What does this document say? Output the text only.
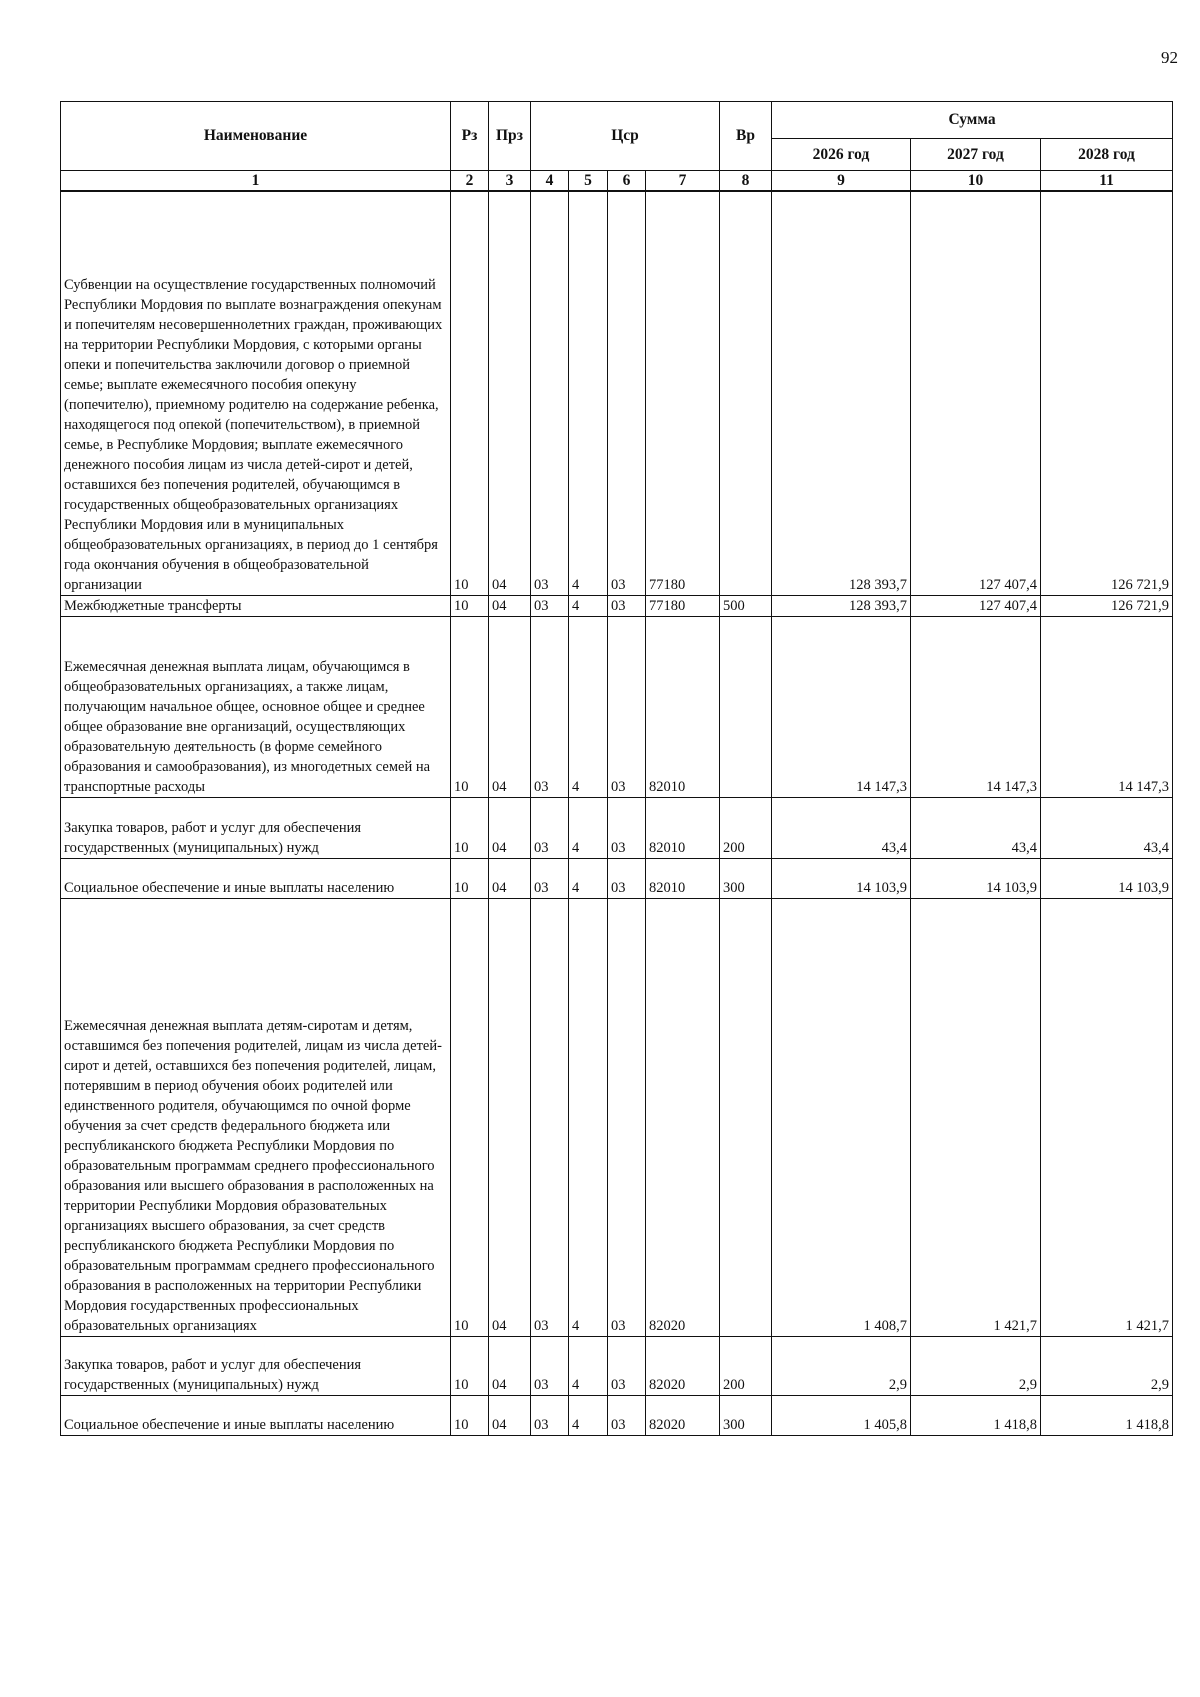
92
Наименование	Рз	Прз	Цср				Вр	Сумма		
								2026 год	2027 год	2028 год
1	2	3	4	5	6	7	8	9	10	11
Субвенции на осуществление государственных полномочий Республики Мордовия по выплате вознаграждения опекунам и попечителям несовершеннолетних граждан, проживающих на территории Республики Мордовия, с которыми органы опеки и попечительства заключили договор о приемной семье; выплате ежемесячного пособия опекуну (попечителю), приемному родителю на содержание ребенка, находящегося под опекой (попечительством), в приемной семье, в Республике Мордовия; выплате ежемесячного денежного пособия лицам из числа детей-сирот и детей, оставшихся без попечения родителей, обучающимся в государственных общеобразовательных организациях Республики Мордовия или в муниципальных общеобразовательных организациях, в период до 1 сентября года окончания обучения в общеобразовательной организации	10	04	03	4	03	77180		128 393,7	127 407,4	126 721,9
Межбюджетные трансферты	10	04	03	4	03	77180	500	128 393,7	127 407,4	126 721,9
Ежемесячная денежная выплата лицам, обучающимся в общеобразовательных организациях, а также лицам, получающим начальное общее, основное общее и среднее общее образование вне организаций, осуществляющих образовательную деятельность (в форме семейного образования и самообразования), из многодетных семей на транспортные расходы	10	04	03	4	03	82010		14 147,3	14 147,3	14 147,3
Закупка товаров, работ и услуг для обеспечения государственных (муниципальных) нужд	10	04	03	4	03	82010	200	43,4	43,4	43,4
Социальное обеспечение и иные выплаты населению	10	04	03	4	03	82010	300	14 103,9	14 103,9	14 103,9
Ежемесячная денежная выплата детям-сиротам и детям, оставшимся без попечения родителей, лицам из числа детей-сирот и детей, оставшихся без попечения родителей, лицам, потерявшим в период обучения обоих родителей или единственного родителя, обучающимся по очной форме обучения за счет средств федерального бюджета или республиканского бюджета Республики Мордовия по образовательным программам среднего профессионального образования или высшего образования в расположенных на территории Республики Мордовия образовательных организациях высшего образования, за счет средств республиканского бюджета Республики Мордовия по образовательным программам среднего профессионального образования в расположенных на территории Республики Мордовия государственных профессиональных образовательных организациях	10	04	03	4	03	82020		1 408,7	1 421,7	1 421,7
Закупка товаров, работ и услуг для обеспечения государственных (муниципальных) нужд	10	04	03	4	03	82020	200	2,9	2,9	2,9
Социальное обеспечение и иные выплаты населению	10	04	03	4	03	82020	300	1 405,8	1 418,8	1 418,8
